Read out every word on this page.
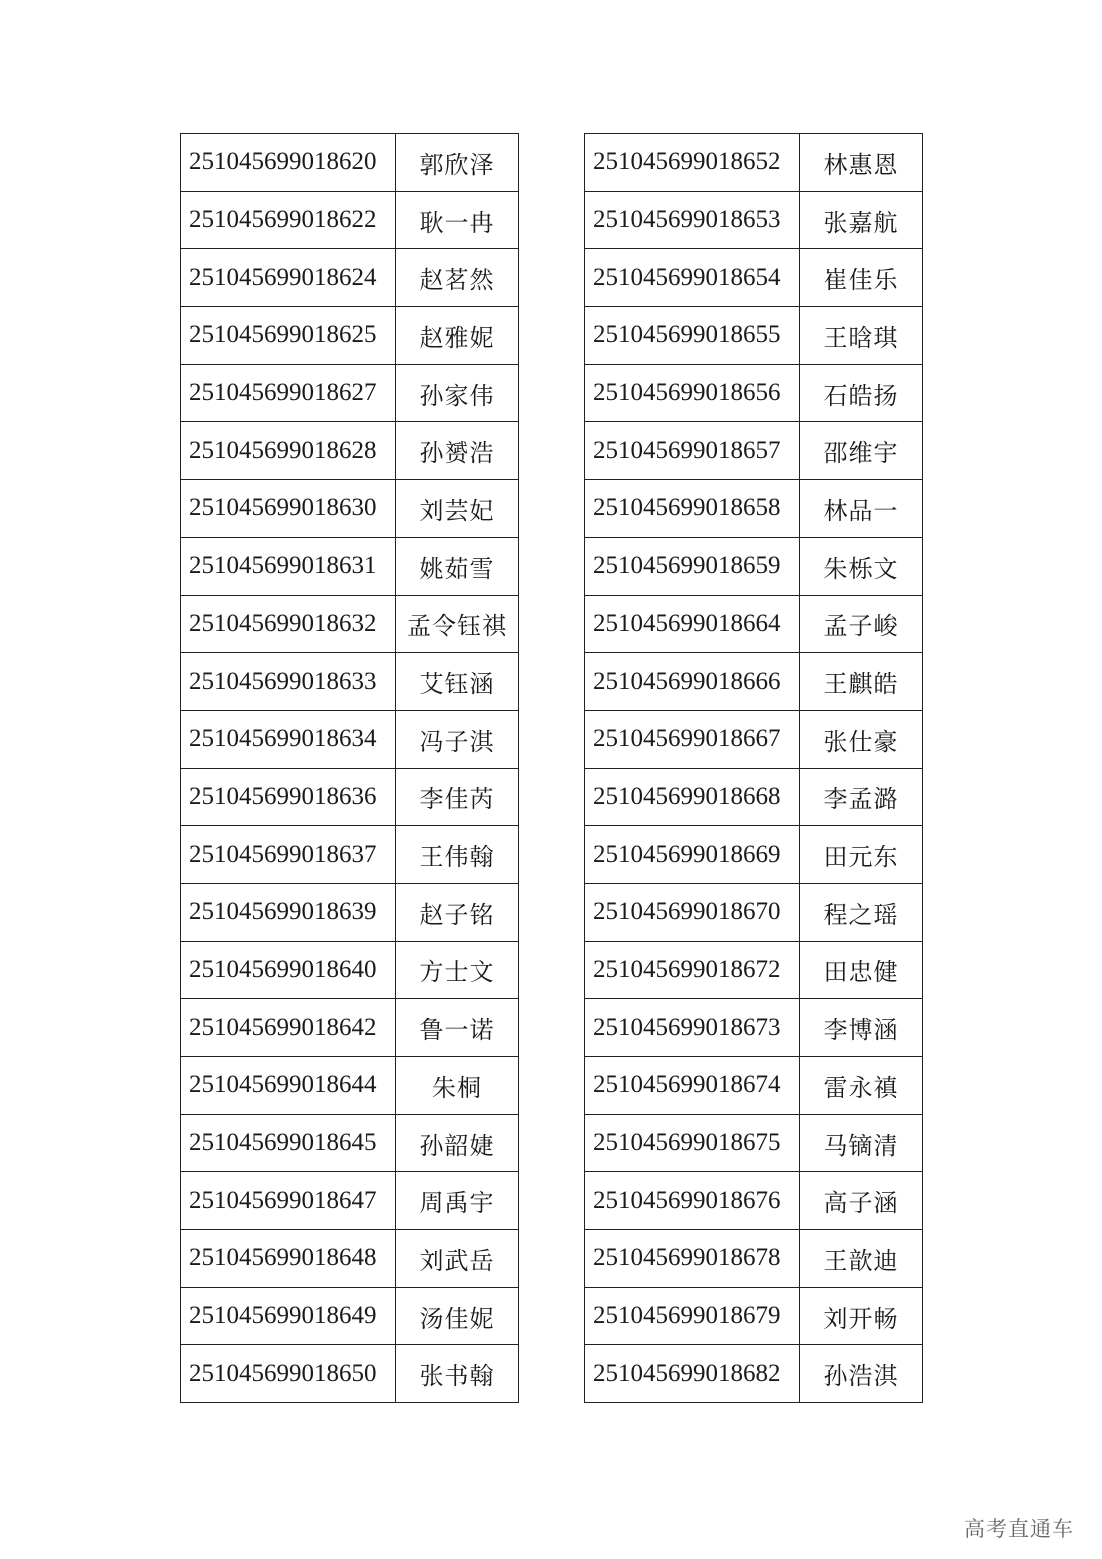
251045699018620	郭欣泽
251045699018622	耿一冉
251045699018624	赵茗然
251045699018625	赵雅妮
251045699018627	孙家伟
251045699018628	孙赟浩
251045699018630	刘芸妃
251045699018631	姚茹雪
251045699018632	孟令钰祺
251045699018633	艾钰涵
251045699018634	冯子淇
251045699018636	李佳芮
251045699018637	王伟翰
251045699018639	赵子铭
251045699018640	方士文
251045699018642	鲁一诺
251045699018644	朱桐
251045699018645	孙韶婕
251045699018647	周禹宇
251045699018648	刘武岳
251045699018649	汤佳妮
251045699018650	张书翰
251045699018652	林惠恩
251045699018653	张嘉航
251045699018654	崔佳乐
251045699018655	王晗琪
251045699018656	石皓扬
251045699018657	邵维宇
251045699018658	林品一
251045699018659	朱栎文
251045699018664	孟子峻
251045699018666	王麒皓
251045699018667	张仕豪
251045699018668	李孟潞
251045699018669	田元东
251045699018670	程之瑶
251045699018672	田忠健
251045699018673	李博涵
251045699018674	雷永禛
251045699018675	马镝清
251045699018676	高子涵
251045699018678	王歆迪
251045699018679	刘开畅
251045699018682	孙浩淇
高考直通车
